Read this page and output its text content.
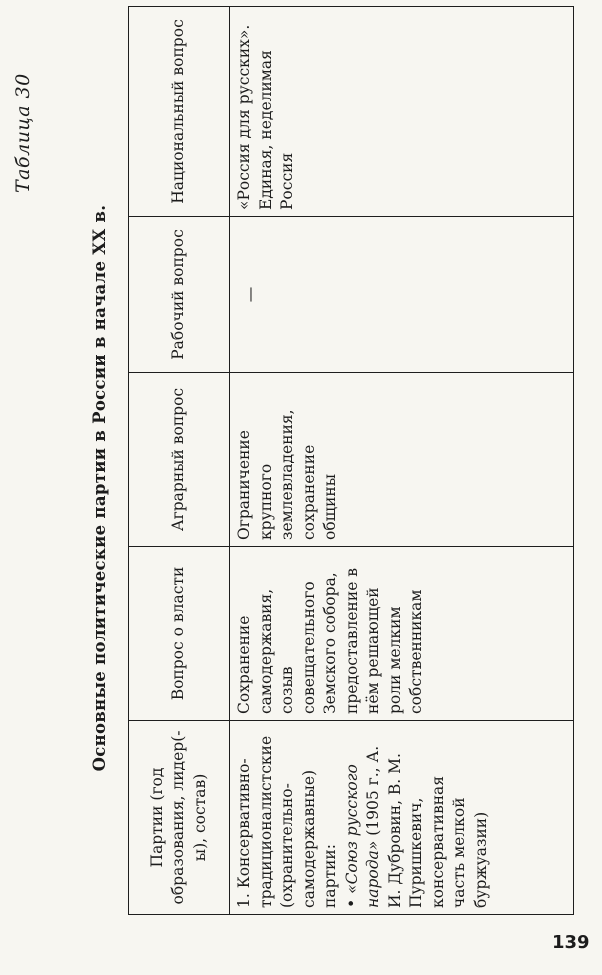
Таблица 30
Основные политические партии в России в начале XX в.
Партии (год образования, лидер(-ы), состав)	Вопрос о власти	Аграрный вопрос	Рабочий вопрос	Национальный вопрос
1. Консервативно-традиционалистские (охранительно-самодержавные) партии: • «Союз русского народа» (1905 г., А. И. Дубровин, В. М. Пуришкевич, консервативная часть мелкой буржуазии)	Сохранение самодержавия, созыв совещательного Земского собора, предоставление в нём решающей роли мелким собственникам	Ограничение крупного землевладения, сохранение общины	—	«Россия для русских». Единая, неделимая Россия
139
